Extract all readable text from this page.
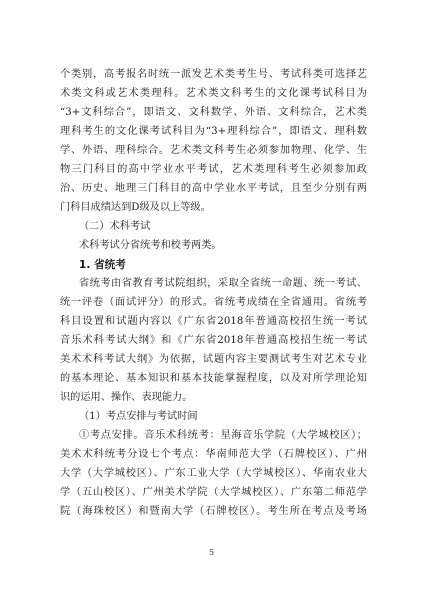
个类别，高考报名时统一派发艺术类考生号、考试科类可选择艺
术类文科或艺术类理科。艺术类文科考生的文化课考试科目为
“3+文科综合”，即语文、文科数学、外语、文科综合，艺术类
理科考生的文化课考试科目为“3+理科综合”，即语文、理科数
学、外语、理科综合。艺术类文科考生必须参加物理、化学、生
物三门科目的高中学业水平考试，艺术类理科考生必须参加政
治、历史、地理三门科目的高中学业水平考试，且至少分别有两
门科目成绩达到D级及以上等级。
（二）术科考试
术科考试分省统考和校考两类。
1. 省统考
省统考由省教育考试院组织，采取全省统一命题、统一考试、
统一评卷（面试评分）的形式。省统考成绩在全省通用。省统考
科目设置和试题内容以《广东省2018年普通高校招生统一考试
音乐术科考试大纲》和《广东省2018年普通高校招生统一考试
美术术科考试大纲》为依据，试题内容主要测试考生对艺术专业
的基本理论、基本知识和基本技能掌握程度，以及对所学理论知
识的运用、操作、表现能力。
（1）考点安排与考试时间
①考点安排。音乐术科统考：星海音乐学院（大学城校区）；
美术术科统考分设七个考点：华南师范大学（石牌校区）、广州
大学（大学城校区）、广东工业大学（大学城校区）、华南农业大
学（五山校区）、广州美术学院（大学城校区）、广东第二师范学
院（海珠校区）和暨南大学（石牌校区）。考生所在考点及考场
5
